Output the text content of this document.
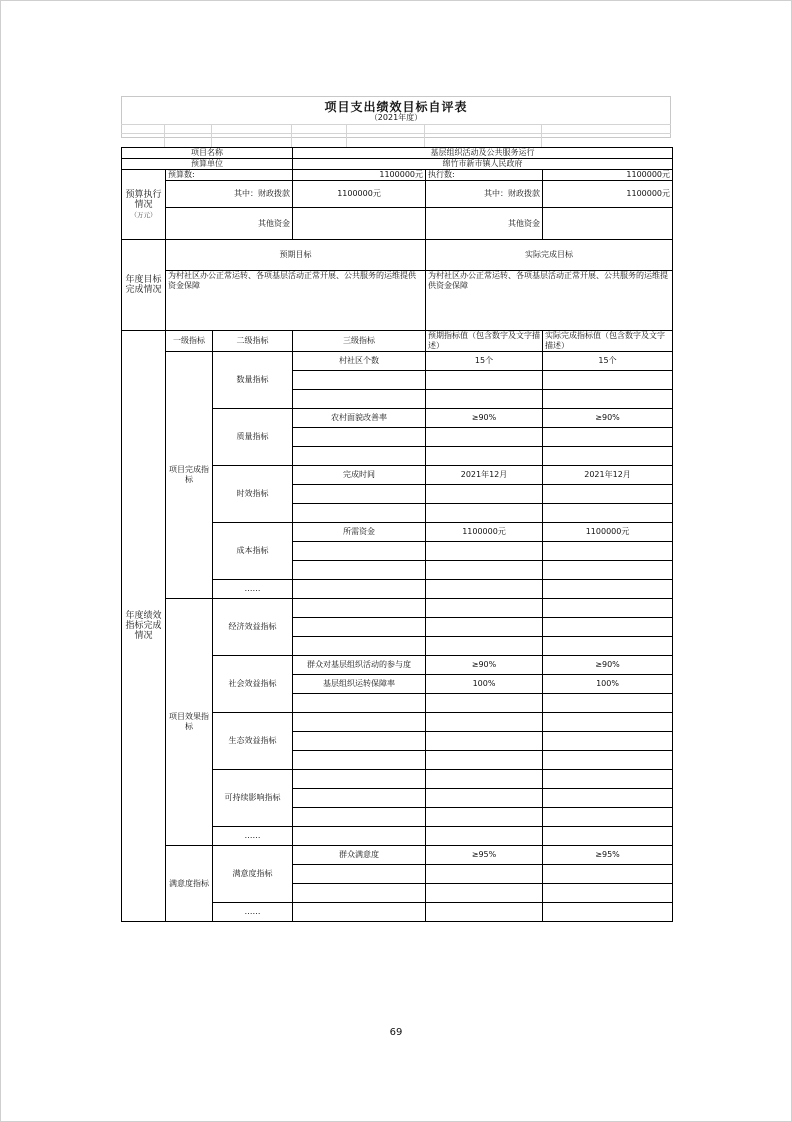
项目支出绩效目标自评表
（2021年度）
项目名称			基层组织活动及公共服务运行		
预算单位			绵竹市新市镇人民政府		
预算执行情况
（万元）	预算数:		1100000元	执行数:	1100000元
	其中：财政拨款		1100000元	其中：财政拨款	1100000元
	其他资金			其他资金	
年度目标完成情况	预期目标			实际完成目标	
	为村社区办公正常运转、各项基层活动正常开展、公共服务的运维提供资金保障			为村社区办公正常运转、各项基层活动正常开展、公共服务的运维提供资金保障	
年度绩效指标完成情况	一级指标	二级指标	三级指标	预期指标值（包含数字及文字描述）	实际完成指标值（包含数字及文字描述）
	项目完成指标	数量指标	村社区个数	15个	15个

		质量指标	农村面貌改善率	≥90%	≥90%

		时效指标	完成时间	2021年12月	2021年12月

		成本指标	所需资金	1100000元	1100000元

		……			
	项目效果指标	经济效益指标			

		社会效益指标	群众对基层组织活动的参与度	≥90%	≥90%
			基层组织运转保障率	100%	100%

		生态效益指标			

		可持续影响指标			

		……			
	满意度指标	满意度指标	群众满意度	≥95%	≥95%

		……			
69
